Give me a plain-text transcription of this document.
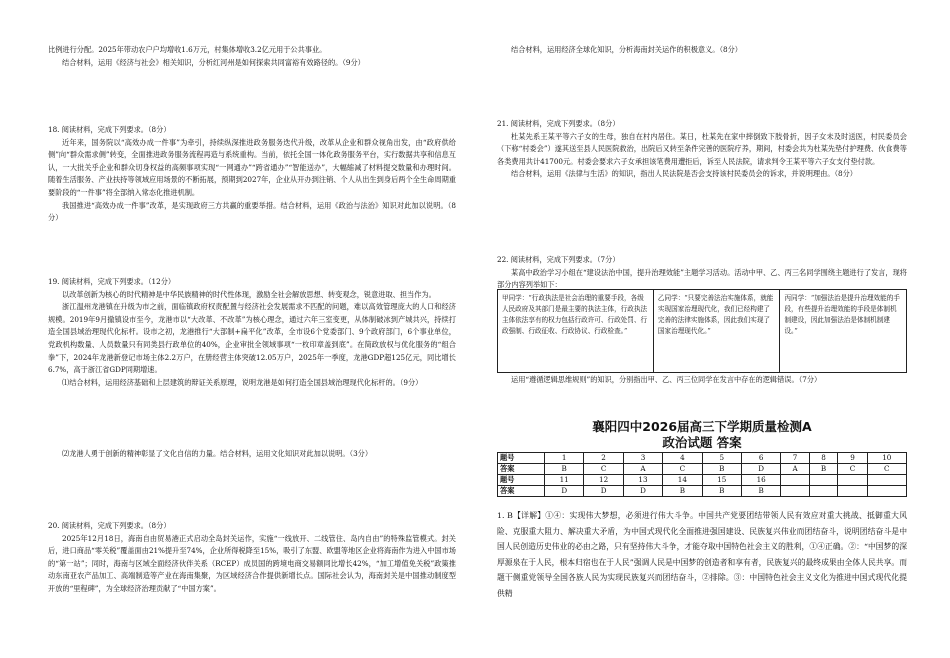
比例进行分配。2025年带动农户户均增收1.6万元，村集体增收3.2亿元用于公共事业。

结合材料，运用《经济与社会》相关知识，分析红河州是如何探索共同富裕有效路径的。（9分）

18. 阅读材料，完成下列要求。（8分）

近年来，国务院以“高效办成一件事”为牵引，持续纵深推进政务服务迭代升级，改革从企业和群众视角出发，由“政府供给侧”向“群众需求侧”转变，全面推进政务服务流程再造与系统重构。当前，依托全国一体化政务服务平台，实行数据共享和信息互认，一大批关乎企业和群众切身权益的高频事项实现“一网通办”“跨省通办”“智能送办”，大幅缩减了材料提交数量和办理时间。随着生活服务、产业扶持等领域应用场景的不断拓展，预期到2027年，企业从开办到注销、个人从出生到身后两个全生命周期重要阶段的“一件事”将全部纳入常态化推进机制。

我国推进“高效办成一件事”改革，是实现政府三方共赢的重要举措。结合材料，运用《政治与法治》知识对此加以说明。（8分）

19. 阅读材料，完成下列要求。（12分）

以改革创新为核心的时代精神是中华民族精神的时代性体现，激励全社会解放思想、转变观念，锐意进取、担当作为。

浙江温州龙港镇在升级为市之前，面临镇政府权责配置与经济社会发展需求不匹配的问题，难以高效管理庞大的人口和经济规模。2019年9月撤镇设市至今，龙港市以“大改革、不改革”为核心理念，通过六年三室变更，从体制破冰到产城共兴，持续打造全国县域治理现代化标杆。设市之初，龙港推行“大部制+扁平化”改革，全市设6个党委部门、9个政府部门，6个事业单位，党政机构数量、人员数量只有同类县行政单位的40%，企业审批全领域事项“一枚印章盖到底”。在简政放权与优化服务的“组合拳”下，2024年龙港新登记市场主体2.2万户，在册经营主体突破12.05万户，2025年一季度，龙港GDP超125亿元，同比增长6.7%，高于浙江省GDP同期增速。

⑴结合材料，运用经济基础和上层建筑的辩证关系原理，说明龙港是如何打造全国县域治理现代化标杆的。（9分）

⑵龙港人勇于创新的精神彰显了文化自信的力量。结合材料，运用文化知识对此加以说明。（3分）

20. 阅读材料，完成下列要求。（8分）

2025年12月18日，海南自由贸易港正式启动全岛封关运作，实施“一线放开、二线管住、岛内自由”的特殊监管模式。封关后，进口商品“零关税”覆盖面由21%提升至74%，企业所得税降至15%，吸引了东盟、欧盟等地区企业将海南作为进入中国市场的“第一站”；同时，海南与区域全面经济伙伴关系（RCEP）成员国的跨境电商交易额同比增长42%，“加工增值免关税”政策推动东南亚农产品加工、高端制造等产业在海南集聚，为区域经济合作提供新增长点。国际社会认为，海南封关是中国推动制度型开放的“里程碑”，为全球经济治理贡献了“中国方案”。

结合材料，运用经济全球化知识，分析海南封关运作的积极意义。（8分）

21. 阅读材料，完成下列要求。（8分）

杜某先系王某平等六子女的生母，独自在村内居住。某日，杜某先在家中摔倒致下肢骨折，因子女未及时送医，村民委员会（下称“村委会”）遂其送至县人民医院救治，出院后又转至条件完善的医院疗养，期间，村委会共为杜某先垫付护理费、伙食费等各类费用共计41700元。村委会要求六子女承担该笔费用遭拒后，诉至人民法院，请求判令王某平等六子女支付垫付款。

结合材料，运用《法律与生活》的知识，指出人民法院是否会支持该村民委员会的诉求，并说明理由。（8分）

22. 阅读材料，完成下列要求。（7分）

某高中政治学习小组在“建设法治中国，提升治理效能”主题学习活动。活动中甲、乙、丙三名同学围绕主题进行了发言，现将部分内容列举如下：

甲同学：“行政执法是社会治理的重要手段，各级人民政府及其部门是最主要的执法主体，行政执法主体依法享有的权力包括行政许可、行政处罚、行政强制、行政征收、行政协议、行政检查。”
乙同学：“只要完善法治实施体系，就能实现国家治理现代化，我们已经构建了完善的法律实施体系，因此我们实现了国家治理现代化。”
丙同学：“加强法治是提升治理效能的手段，有些提升治理效能的手段是体制机制建设，因此加强法治是体制机制建设。”

运用“遵循逻辑思维规则”的知识，分别指出甲、乙、丙三位同学在发言中存在的逻辑错误。（7分）

襄阳四中2026届高三下学期质量检测A
政治试题 答案
题号	1	2	3	4	5	6	7	8	9	10
答案	B	C	A	C	B	D	A	B	C	C
题号	11	12	13	14	15	16				
答案	D	D	D	B	B	B				

1. B【详解】①④：实现伟大梦想，必须进行伟大斗争。中国共产党要团结带领人民有效应对重大挑战、抵御重大风险、克服重大阻力、解决重大矛盾，为中国式现代化全面推进强国建设、民族复兴伟业而团结奋斗，说明团结奋斗是中国人民创造历史伟业的必由之路，只有坚持伟大斗争，才能夺取中国特色社会主义的胜利，①④正确。②：“中国梦的深厚源泉在于人民，根本归宿也在于人民”强调人民是中国梦的创造者和享有者，民族复兴的最终成果由全体人民共享。而题干侧重党领导全国各族人民为实现民族复兴而团结奋斗，②排除。③：中国特色社会主义文化为推进中国式现代化提供精
